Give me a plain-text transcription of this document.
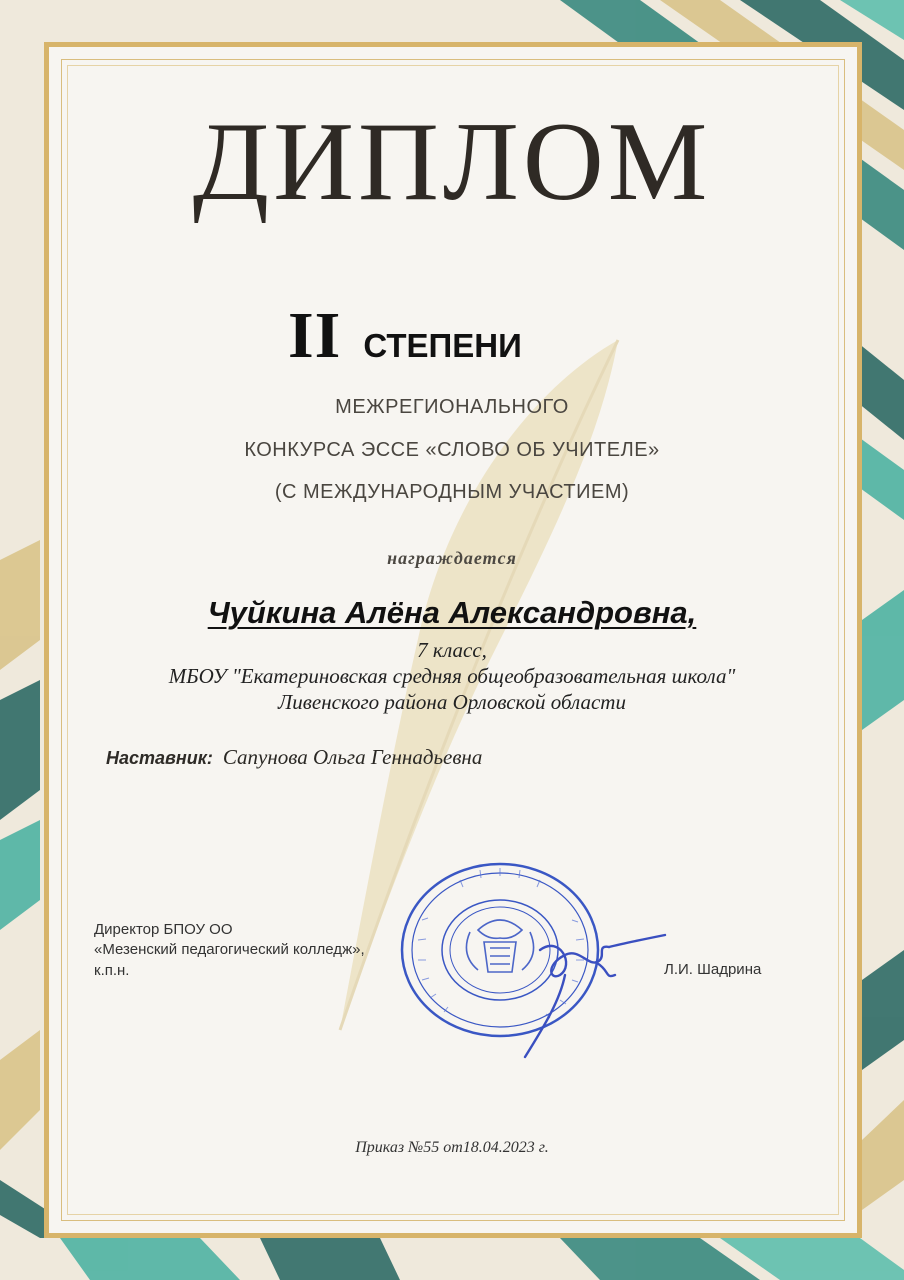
ДИПЛОМ
II СТЕПЕНИ
МЕЖРЕГИОНАЛЬНОГО
КОНКУРСА ЭССЕ «СЛОВО ОБ УЧИТЕЛЕ»
(С МЕЖДУНАРОДНЫМ УЧАСТИЕМ)
награждается
Чуйкина Алёна Александровна,
7 класс,
МБОУ "Екатериновская средняя общеобразовательная школа"
Ливенского района Орловской области
Наставник: Сапунова Ольга Геннадьевна
Директор БПОУ ОО
«Мезенский педагогический колледж»,
к.п.н.	Л.И. Шадрина
Приказ №55 от18.04.2023 г.
